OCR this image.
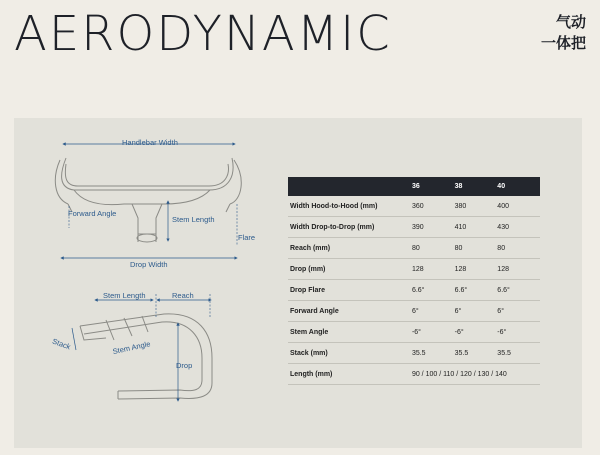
AERODYNAMIC	气动
一体把
Handlebar Width
Forward Angle
Stem Length
Flare
Drop Width
Stem Length	Reach
Stack	Stem Angle
Drop
	36	38	40
Width Hood-to-Hood (mm)	360	380	400
Width Drop-to-Drop (mm)	390	410	430
Reach (mm)	80	80	80
Drop (mm)	128	128	128
Drop Flare	6.6°	6.6°	6.6°
Forward Angle	6°	6°	6°
Stem Angle	-6°	-6°	-6°
Stack (mm)	35.5	35.5	35.5
Length (mm)	90 / 100 / 110 / 120 / 130 / 140		
